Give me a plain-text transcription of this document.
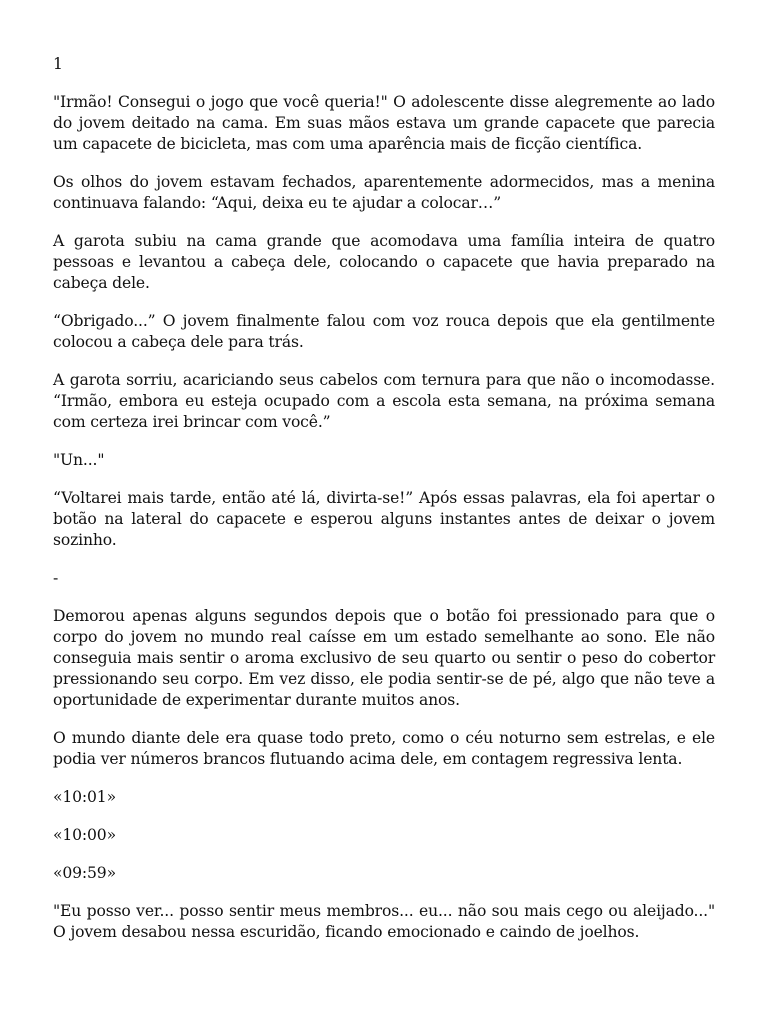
1

"Irmão! Consegui o jogo que você queria!" O adolescente disse alegremente ao lado do jovem deitado na cama. Em suas mãos estava um grande capacete que parecia um capacete de bicicleta, mas com uma aparência mais de ficção científica.

Os olhos do jovem estavam fechados, aparentemente adormecidos, mas a menina continuava falando: “Aqui, deixa eu te ajudar a colocar…”

A garota subiu na cama grande que acomodava uma família inteira de quatro pessoas e levantou a cabeça dele, colocando o capacete que havia preparado na cabeça dele.

“Obrigado...” O jovem finalmente falou com voz rouca depois que ela gentilmente colocou a cabeça dele para trás.

A garota sorriu, acariciando seus cabelos com ternura para que não o incomodasse. “Irmão, embora eu esteja ocupado com a escola esta semana, na próxima semana com certeza irei brincar com você.”

"Un..."

“Voltarei mais tarde, então até lá, divirta-se!” Após essas palavras, ela foi apertar o botão na lateral do capacete e esperou alguns instantes antes de deixar o jovem sozinho.

-

Demorou apenas alguns segundos depois que o botão foi pressionado para que o corpo do jovem no mundo real caísse em um estado semelhante ao sono. Ele não conseguia mais sentir o aroma exclusivo de seu quarto ou sentir o peso do cobertor pressionando seu corpo. Em vez disso, ele podia sentir-se de pé, algo que não teve a oportunidade de experimentar durante muitos anos.

O mundo diante dele era quase todo preto, como o céu noturno sem estrelas, e ele podia ver números brancos flutuando acima dele, em contagem regressiva lenta.

«10:01»

«10:00»

«09:59»

"Eu posso ver... posso sentir meus membros... eu... não sou mais cego ou aleijado..." O jovem desabou nessa escuridão, ficando emocionado e caindo de joelhos.
